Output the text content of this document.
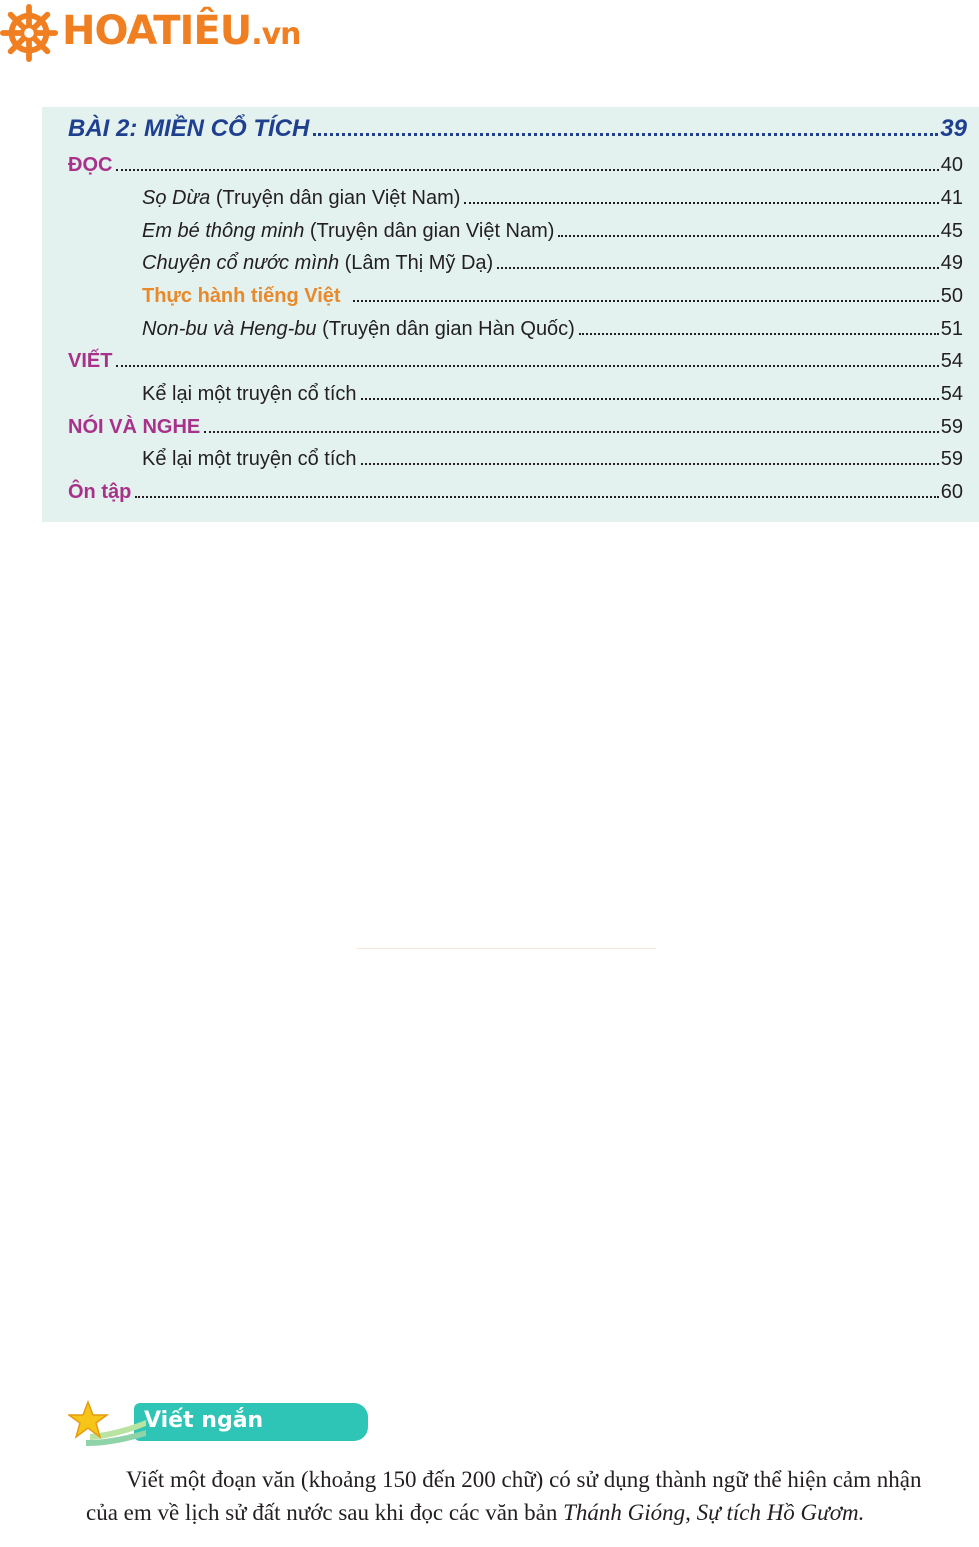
HOATIÊU.vn
BÀI 2: MIỀN CỔ TÍCH	39
ĐỌC	40
Sọ Dừa (Truyện dân gian Việt Nam)	41
Em bé thông minh (Truyện dân gian Việt Nam)	45
Chuyện cổ nước mình (Lâm Thị Mỹ Dạ)	49
Thực hành tiếng Việt	50
Non-bu và Heng-bu (Truyện dân gian Hàn Quốc)	51
VIẾT	54
Kể lại một truyện cổ tích	54
NÓI VÀ NGHE	59
Kể lại một truyện cổ tích	59
Ôn tập	60
Viết ngắn
Viết một đoạn văn (khoảng 150 đến 200 chữ) có sử dụng thành ngữ thể hiện cảm nhận
của em về lịch sử đất nước sau khi đọc các văn bản Thánh Gióng, Sự tích Hồ Gươm.
